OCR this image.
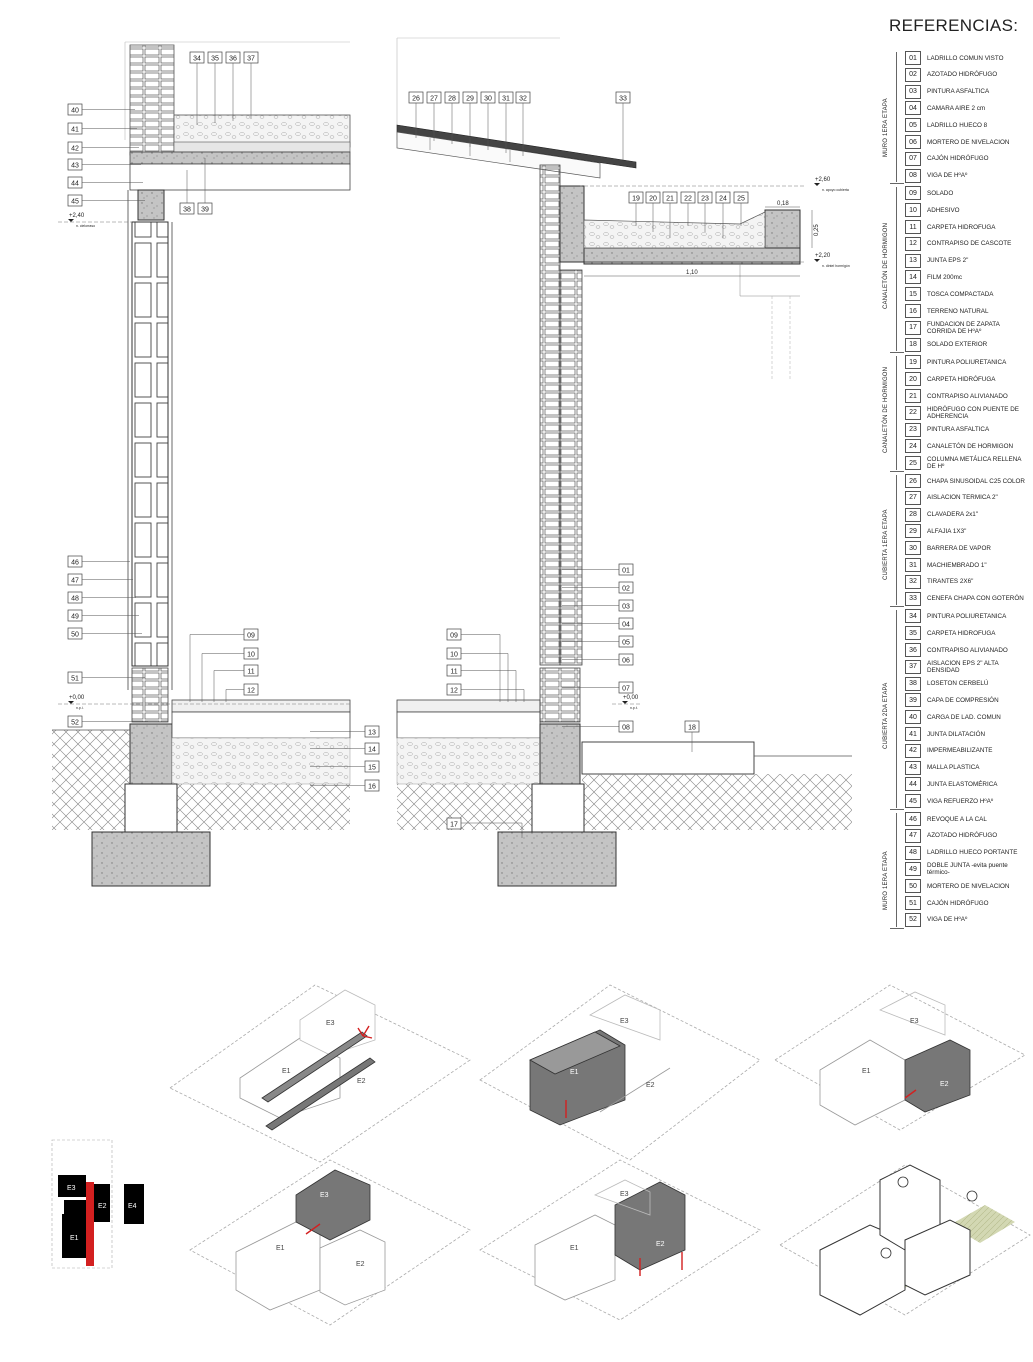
34 35 36 37
40
41
42
43
44
45
38 39
46
47
48
49
50
51
52
09
10
11
12
13
14
15
16
26 27 28 29 30 31 32	33
19 20 21 22 23 24 25
01
02
03
04
05
06
07
08
09
10
11
12
17
18
+2,40
n. cielorraso
+0,00
n.p.i.
+2,60
n. apoyo cubierta
+2,20
n. dintel hormigón
+0,00
n.p.t.
0,18
0,25
1,10
E1
E2
E3
E1
E2
E3
E1
E2
E3
E1
E2
E3
E1
E2
E3
E3
E2	E4
E1
REFERENCIAS:
01	LADRILLO COMUN VISTO
02	AZOTADO HIDRÓFUGO
03	PINTURA ASFALTICA
04	CAMARA AIRE 2 cm
05	LADRILLO HUECO 8
06	MORTERO DE NIVELACION
07	CAJÓN HIDRÓFUGO
08	VIGA DE HºAº
MURO 1ERA ETAPA
09	SOLADO
10	ADHESIVO
11	CARPETA HIDROFUGA
12	CONTRAPISO DE CASCOTE
13	JUNTA EPS 2"
14	FILM 200mc
15	TOSCA COMPACTADA
16	TERRENO NATURAL
17	FUNDACION DE ZAPATA CORRIDA DE HºAº
18	SOLADO EXTERIOR
CANALETÓN DE HORMIGON
19	PINTURA POLIURETANICA
20	CARPETA HIDRÓFUGA
21	CONTRAPISO ALIVIANADO
22	HIDRÓFUGO CON PUENTE DE ADHERENCIA
23	PINTURA ASFALTICA
24	CANALETÓN DE HORMIGON
25	COLUMNA METÁLICA RELLENA DE Hº
CANALETÓN DE HORMIGON
26	CHAPA SINUSOIDAL C25 COLOR
27	AISLACION TERMICA 2"
28	CLAVADERA 2x1"
29	ALFAJIA 1X3"
30	BARRERA DE VAPOR
31	MACHIEMBRADO 1"
32	TIRANTES 2X6"
33	CENEFA CHAPA CON GOTERÓN
CUBIERTA 1ERA ETAPA
34	PINTURA POLIURETANICA
35	CARPETA HIDROFUGA
36	CONTRAPISO ALIVIANADO
37	AISLACION EPS 2" ALTA DENSIDAD
38	LOSETON CERBELÚ
39	CAPA DE COMPRESIÓN
40	CARGA DE LAD. COMUN
41	JUNTA DILATACIÓN
42	IMPERMEABILIZANTE
43	MALLA PLASTICA
44	JUNTA ELASTOMÉRICA
45	VIGA REFUERZO HºAº
CUBIERTA 2DA ETAPA
46	REVOQUE A LA CAL
47	AZOTADO HIDRÓFUGO
48	LADRILLO HUECO PORTANTE
49	DOBLE JUNTA -evita puente térmico-
50	MORTERO DE NIVELACION
51	CAJÓN HIDRÓFUGO
52	VIGA DE HºAº
MURO 1ERA ETAPA
